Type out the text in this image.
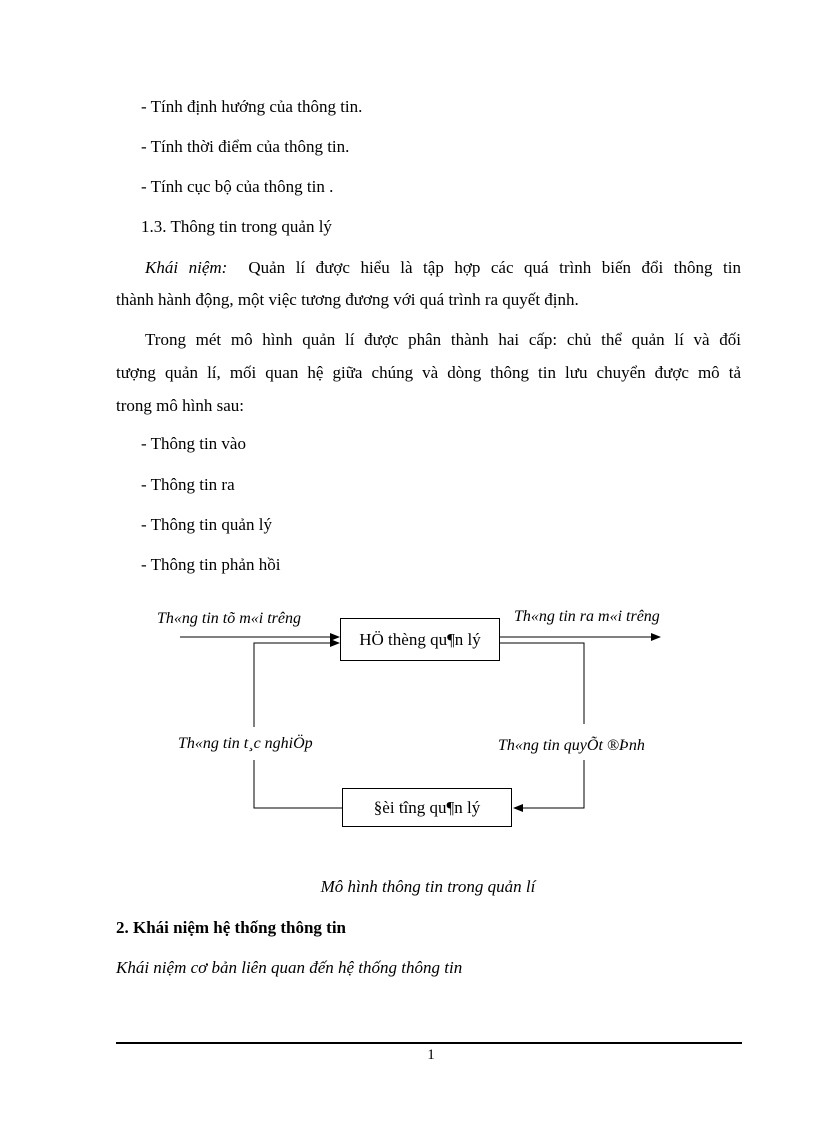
- Tính định hướng của thông tin.
- Tính thời điểm của thông tin.
- Tính cục bộ của thông tin .
1.3. Thông tin trong quản lý
Khái niệm: Quản lí được hiểu là tập hợp các quá trình biến đổi thông tin
thành hành động, một việc tương đương với quá trình ra quyết định.
Trong mét mô hình quản lí được phân thành hai cấp: chủ thể quản lí và đối
tượng quản lí, mối quan hệ giữa chúng và dòng thông tin lưu chuyển được mô tả
trong mô hình sau:
- Thông tin vào
- Thông tin ra
- Thông tin quản lý
- Thông tin phản hồi
HÖ thèng qu¶n lý
§èi tîng qu¶n lý
Th«ng tin tõ m«i trêng	Th«ng tin ra m«i trêng
Th«ng tin t¸c nghiÖp	Th«ng tin quyÕt ®Þnh
Mô hình thông tin trong quản lí
2. Khái niệm hệ thống thông tin
Khái niệm cơ bản liên quan đến hệ thống thông tin
1
